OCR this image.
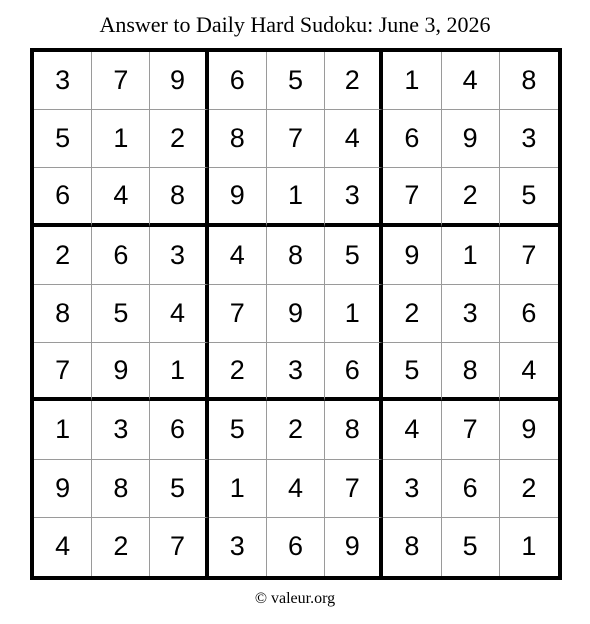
Answer to Daily Hard Sudoku: June 3, 2026
3	7	9	6	5	2	1	4	8
5	1	2	8	7	4	6	9	3
6	4	8	9	1	3	7	2	5
2	6	3	4	8	5	9	1	7
8	5	4	7	9	1	2	3	6
7	9	1	2	3	6	5	8	4
1	3	6	5	2	8	4	7	9
9	8	5	1	4	7	3	6	2
4	2	7	3	6	9	8	5	1
© valeur.org
